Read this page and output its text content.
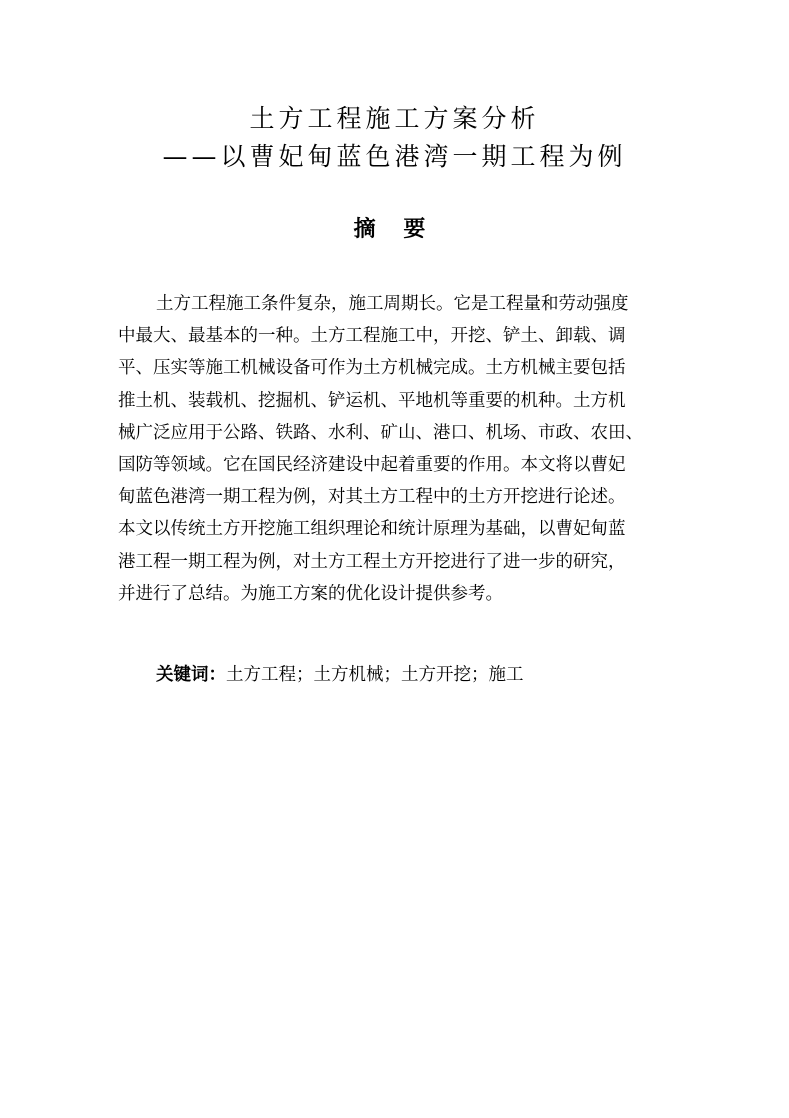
土方工程施工方案分析
——以曹妃甸蓝色港湾一期工程为例
摘 要
土方工程施工条件复杂，施工周期长。它是工程量和劳动强度
中最大、最基本的一种。土方工程施工中，开挖、铲土、卸载、调
平、压实等施工机械设备可作为土方机械完成。土方机械主要包括
推土机、装载机、挖掘机、铲运机、平地机等重要的机种。土方机
械广泛应用于公路、铁路、水利、矿山、港口、机场、市政、农田、
国防等领域。它在国民经济建设中起着重要的作用。本文将以曹妃
甸蓝色港湾一期工程为例，对其土方工程中的土方开挖进行论述。
本文以传统土方开挖施工组织理论和统计原理为基础，以曹妃甸蓝
港工程一期工程为例，对土方工程土方开挖进行了进一步的研究，
并进行了总结。为施工方案的优化设计提供参考。
关键词：土方工程；土方机械；土方开挖；施工
